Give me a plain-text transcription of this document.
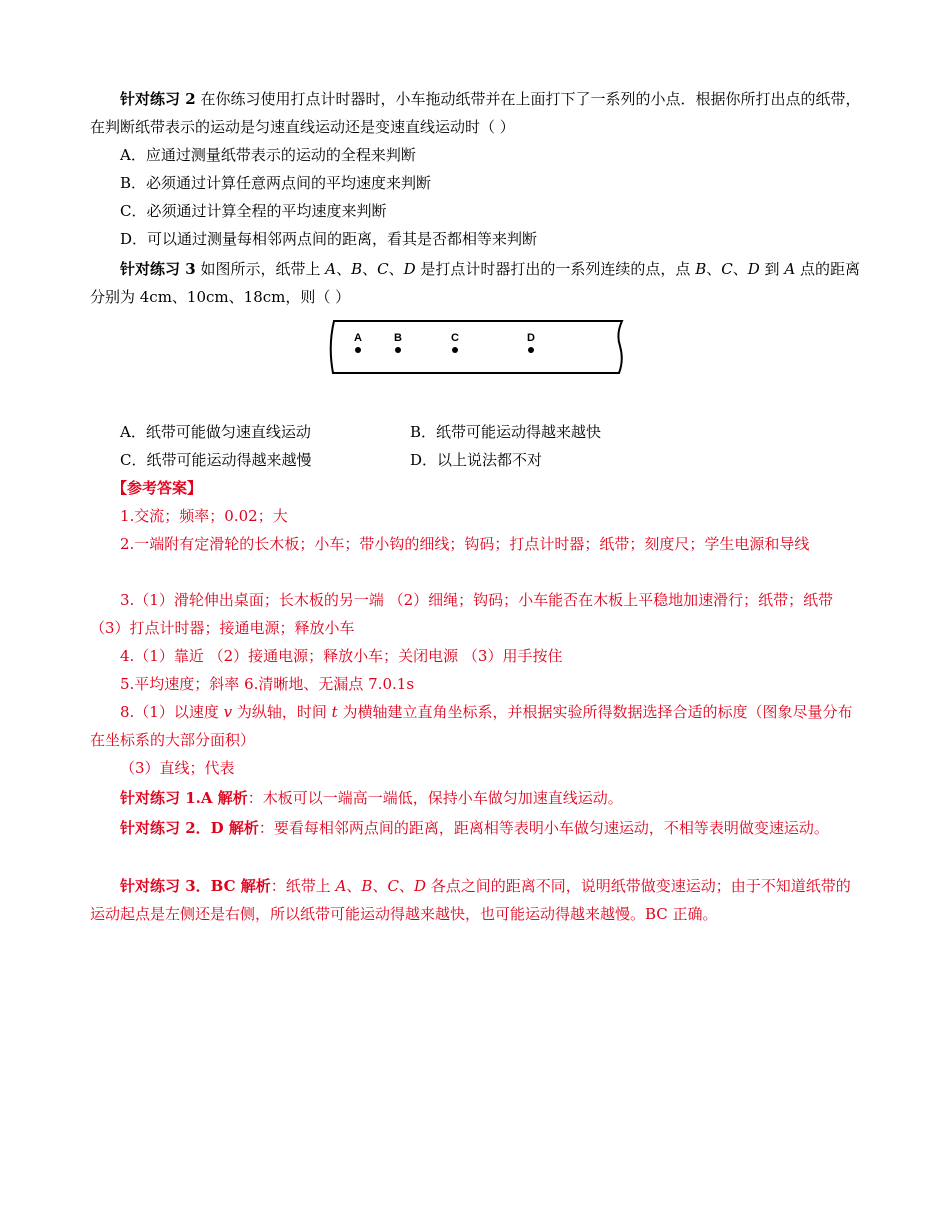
针对练习 2 在你练习使用打点计时器时，小车拖动纸带并在上面打下了一系列的小点．根据你所打出点的纸带，在判断纸带表示的运动是匀速直线运动还是变速直线运动时（ ）

A．应通过测量纸带表示的运动的全程来判断

B．必须通过计算任意两点间的平均速度来判断

C．必须通过计算全程的平均速度来判断

D．可以通过测量每相邻两点间的距离，看其是否都相等来判断

针对练习 3 如图所示，纸带上 A、B、C、D 是打点计时器打出的一系列连续的点，点 B、C、D 到 A 点的距离分别为 4cm、10cm、18cm，则（ ）

A	B	C	D

A．纸带可能做匀速直线运动	B．纸带可能运动得越来越快

C．纸带可能运动得越来越慢	D．以上说法都不对

【参考答案】

1.交流；频率；0.02；大

2.一端附有定滑轮的长木板；小车；带小钩的细线；钩码；打点计时器；纸带；刻度尺；学生电源和导线

3.（1）滑轮伸出桌面；长木板的另一端 （2）细绳；钩码；小车能否在木板上平稳地加速滑行；纸带；纸带 （3）打点计时器；接通电源；释放小车

4.（1）靠近 （2）接通电源；释放小车；关闭电源 （3）用手按住

5.平均速度；斜率 6.清晰地、无漏点 7.0.1s

8.（1）以速度 v 为纵轴，时间 t 为横轴建立直角坐标系，并根据实验所得数据选择合适的标度（图象尽量分布在坐标系的大部分面积）

（3）直线；代表

针对练习 1.A 解析：木板可以一端高一端低，保持小车做匀加速直线运动。

针对练习 2．D 解析：要看每相邻两点间的距离，距离相等表明小车做匀速运动，不相等表明做变速运动。

针对练习 3．BC 解析：纸带上 A、B、C、D 各点之间的距离不同，说明纸带做变速运动；由于不知道纸带的运动起点是左侧还是右侧，所以纸带可能运动得越来越快，也可能运动得越来越慢。BC 正确。
